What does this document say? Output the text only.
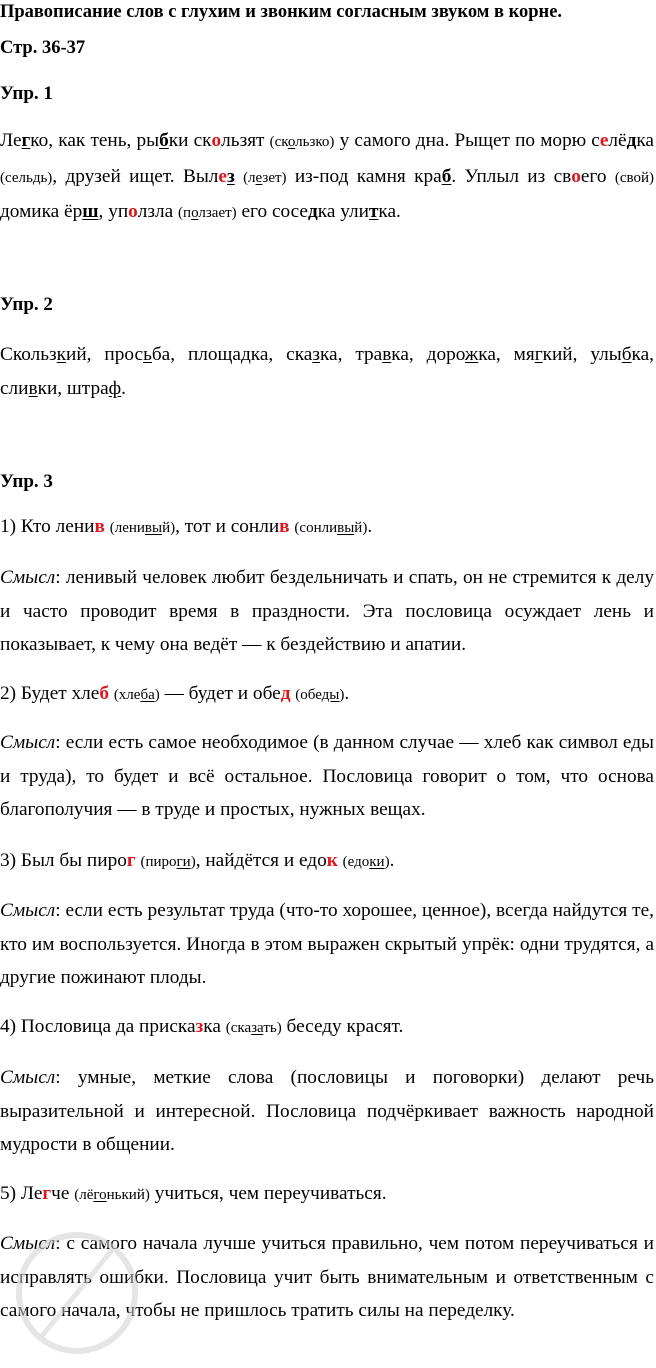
Правописание слов с глухим и звонким согласным звуком в корне.
Стр. 36-37
Упр. 1
Легко, как тень, рыбки скользят (скользко) у самого дна. Рыщет по морю селёдка (сельдь), друзей ищет. Вылез (лезет) из-под камня краб. Уплыл из своего (свой) домика ёрш, уползла (ползает) его соседка улитка.
Упр. 2
Скользкий, просьба, площадка, сказка, травка, дорожка, мягкий, улыбка, сливки, штраф.
Упр. 3
1) Кто ленив (ленивый), тот и сонлив (сонливый).
Смысл: ленивый человек любит бездельничать и спать, он не стремится к делу и часто проводит время в праздности. Эта пословица осуждает лень и показывает, к чему она ведёт — к бездействию и апатии.
2) Будет хлеб (хлеба) — будет и обед (обеды).
Смысл: если есть самое необходимое (в данном случае — хлеб как символ еды и труда), то будет и всё остальное. Пословица говорит о том, что основа благополучия — в труде и простых, нужных вещах.
3) Был бы пирог (пироги), найдётся и едок (едоки).
Смысл: если есть результат труда (что-то хорошее, ценное), всегда найдутся те, кто им воспользуется. Иногда в этом выражен скрытый упрёк: одни трудятся, а другие пожинают плоды.
4) Пословица да присказка (сказать) беседу красят.
Смысл: умные, меткие слова (пословицы и поговорки) делают речь выразительной и интересной. Пословица подчёркивает важность народной мудрости в общении.
5) Легче (лёгонький) учиться, чем переучиваться.
Смысл: с самого начала лучше учиться правильно, чем потом переучиваться и исправлять ошибки. Пословица учит быть внимательным и ответственным с самого начала, чтобы не пришлось тратить силы на переделку.
